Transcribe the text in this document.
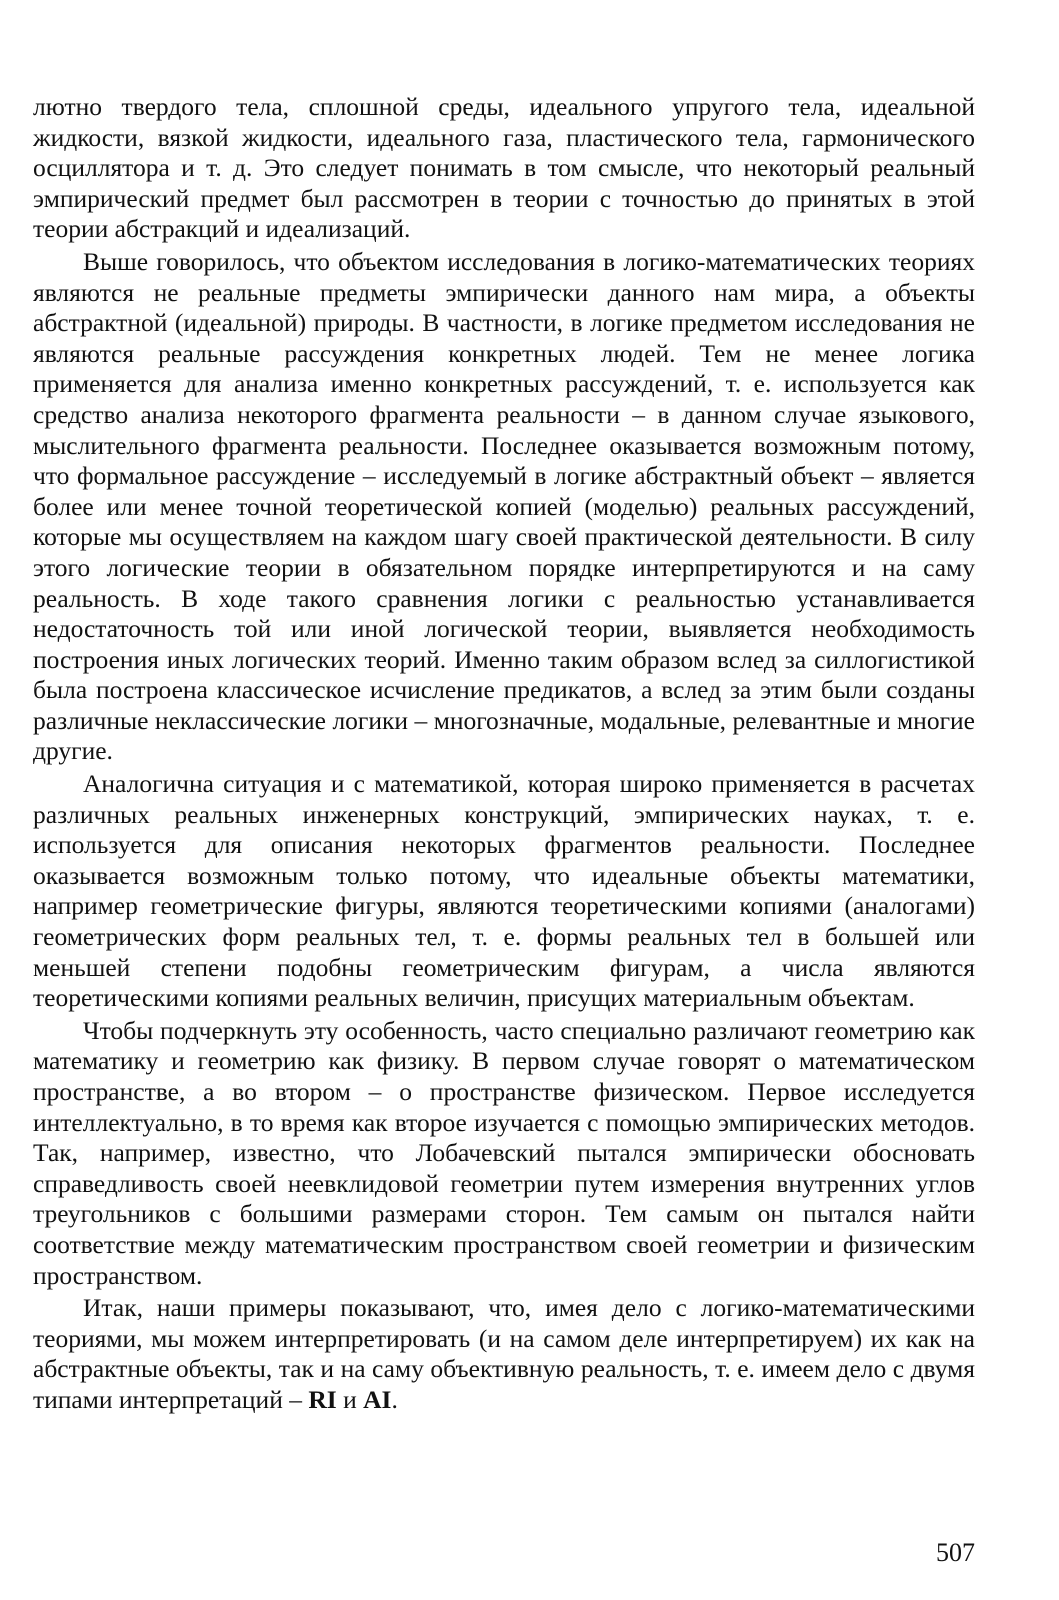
лютно твердого тела, сплошной среды, идеального упругого тела, идеальной жидкости, вязкой жидкости, идеального газа, пластического тела, гармонического осциллятора и т. д. Это следует понимать в том смысле, что некоторый реальный эмпирический предмет был рассмотрен в теории с точностью до принятых в этой теории абстракций и идеализаций.

Выше говорилось, что объектом исследования в логико-математических теориях являются не реальные предметы эмпирически данного нам мира, а объекты абстрактной (идеальной) природы. В частности, в логике предметом исследования не являются реальные рассуждения конкретных людей. Тем не менее логика применяется для анализа именно конкретных рассуждений, т. е. используется как средство анализа некоторого фрагмента реальности – в данном случае языкового, мыслительного фрагмента реальности. Последнее оказывается возможным потому, что формальное рассуждение – исследуемый в логике абстрактный объект – является более или менее точной теоретической копией (моделью) реальных рассуждений, которые мы осуществляем на каждом шагу своей практической деятельности. В силу этого логические теории в обязательном порядке интерпретируются и на саму реальность. В ходе такого сравнения логики с реальностью устанавливается недостаточность той или иной логической теории, выявляется необходимость построения иных логических теорий. Именно таким образом вслед за силлогистикой была построена классическое исчисление предикатов, а вслед за этим были созданы различные неклассические логики – многозначные, модальные, релевантные и многие другие.

Аналогична ситуация и с математикой, которая широко применяется в расчетах различных реальных инженерных конструкций, эмпирических науках, т. е. используется для описания некоторых фрагментов реальности. Последнее оказывается возможным только потому, что идеальные объекты математики, например геометрические фигуры, являются теоретическими копиями (аналогами) геометрических форм реальных тел, т. е. формы реальных тел в большей или меньшей степени подобны геометрическим фигурам, а числа являются теоретическими копиями реальных величин, присущих материальным объектам.

Чтобы подчеркнуть эту особенность, часто специально различают геометрию как математику и геометрию как физику. В первом случае говорят о математическом пространстве, а во втором – о пространстве физическом. Первое исследуется интеллектуально, в то время как второе изучается с помощью эмпирических методов. Так, например, известно, что Лобачевский пытался эмпирически обосновать справедливость своей неевклидовой геометрии путем измерения внутренних углов треугольников с большими размерами сторон. Тем самым он пытался найти соответствие между математическим пространством своей геометрии и физическим пространством.

Итак, наши примеры показывают, что, имея дело с логико-математическими теориями, мы можем интерпретировать (и на самом деле интерпретируем) их как на абстрактные объекты, так и на саму объективную реальность, т. е. имеем дело с двумя типами интерпретаций – RI и AI.

507
